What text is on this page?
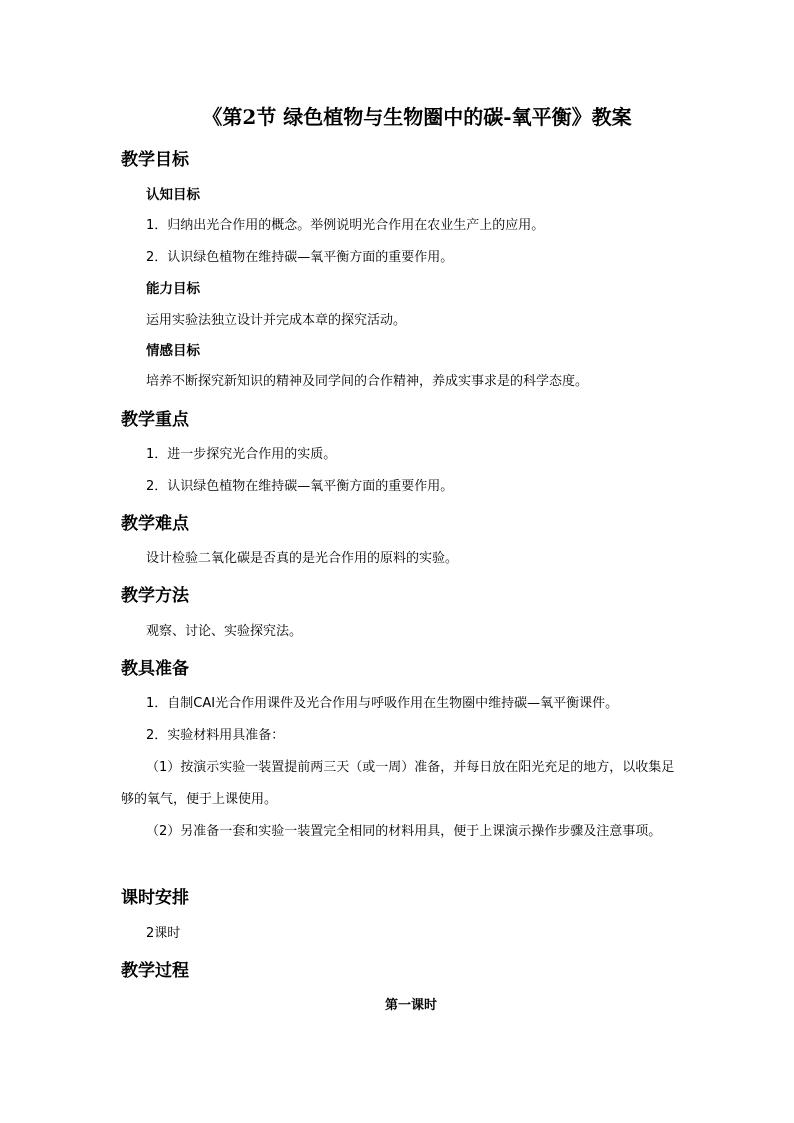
《第2节 绿色植物与生物圈中的碳-氧平衡》教案
教学目标
认知目标
1．归纳出光合作用的概念。举例说明光合作用在农业生产上的应用。
2．认识绿色植物在维持碳—氧平衡方面的重要作用。
能力目标
运用实验法独立设计并完成本章的探究活动。
情感目标
培养不断探究新知识的精神及同学间的合作精神，养成实事求是的科学态度。
教学重点
1．进一步探究光合作用的实质。
2．认识绿色植物在维持碳—氧平衡方面的重要作用。
教学难点
设计检验二氧化碳是否真的是光合作用的原料的实验。
教学方法
观察、讨论、实验探究法。
教具准备
1．自制CAI光合作用课件及光合作用与呼吸作用在生物圈中维持碳—氧平衡课件。
2．实验材料用具准备：
（1）按演示实验一装置提前两三天（或一周）准备，并每日放在阳光充足的地方，以收集足够的氧气，便于上课使用。
（2）另准备一套和实验一装置完全相同的材料用具，便于上课演示操作步骤及注意事项。
课时安排
2课时
教学过程
第一课时
